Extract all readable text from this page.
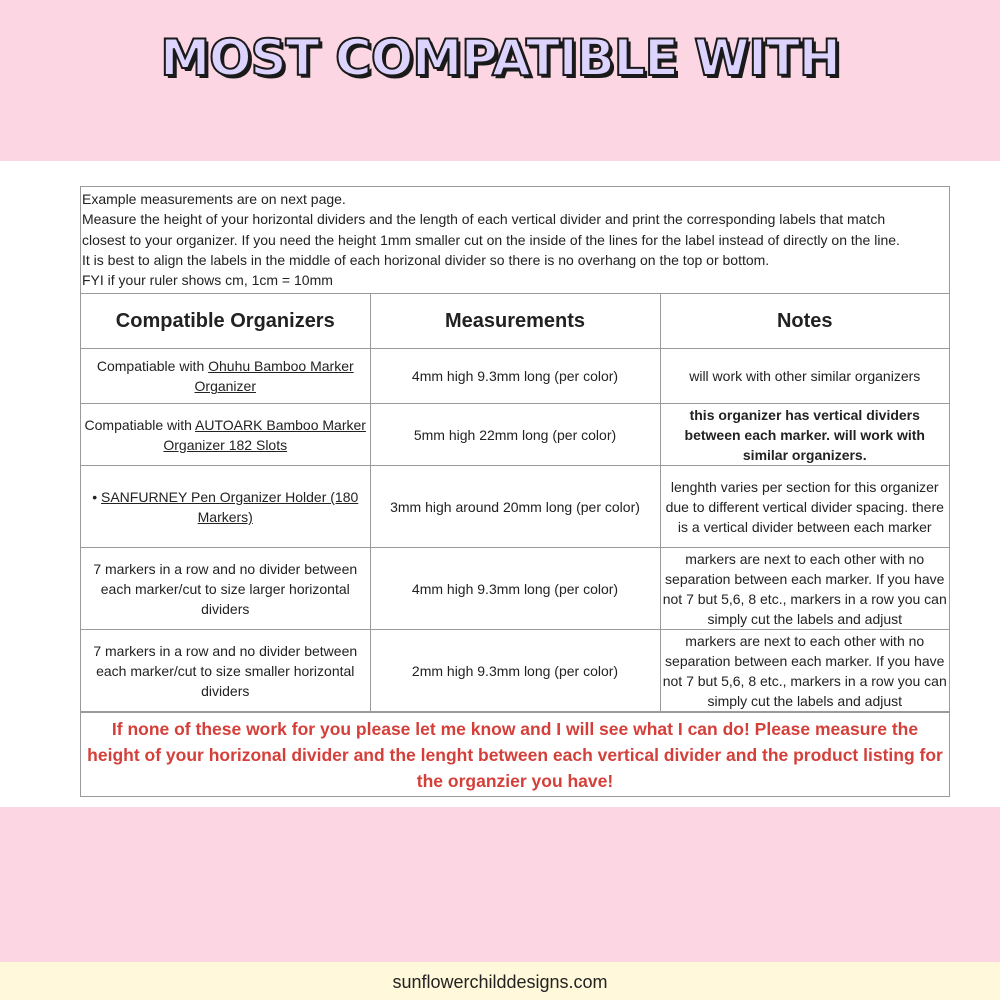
MOST COMPATIBLE WITH
Example measurements are on next page.
Measure the height of your horizontal dividers and the length of each vertical divider and print the corresponding labels that match
closest to your organizer. If you need the height 1mm smaller cut on the inside of the lines for the label instead of directly on the line.
It is best to align the labels in the middle of each horizonal divider so there is no overhang on the top or bottom.
FYI if your ruler shows cm, 1cm = 10mm
Compatible Organizers	Measurements	Notes
Compatiable with Ohuhu Bamboo Marker Organizer	4mm high 9.3mm long (per color)	will work with other similar organizers
Compatiable with AUTOARK Bamboo Marker Organizer 182 Slots	5mm high 22mm long (per color)	this organizer has vertical dividers between each marker. will work with similar organizers.
• SANFURNEY Pen Organizer Holder (180 Markers)	3mm high around 20mm long (per color)	lenghth varies per section for this organizer due to different vertical divider spacing. there is a vertical divider between each marker
7 markers in a row and no divider between each marker/cut to size larger horizontal dividers	4mm high 9.3mm long (per color)	markers are next to each other with no separation between each marker. If you have not 7 but 5,6, 8 etc., markers in a row you can simply cut the labels and adjust
7 markers in a row and no divider between each marker/cut to size smaller horizontal dividers	2mm high 9.3mm long (per color)	markers are next to each other with no separation between each marker. If you have not 7 but 5,6, 8 etc., markers in a row you can simply cut the labels and adjust
If none of these work for you please let me know and I will see what I can do! Please measure the height of your horizonal divider and the lenght between each vertical divider and the product listing for the organzier you have!
sunflowerchilddesigns.com
